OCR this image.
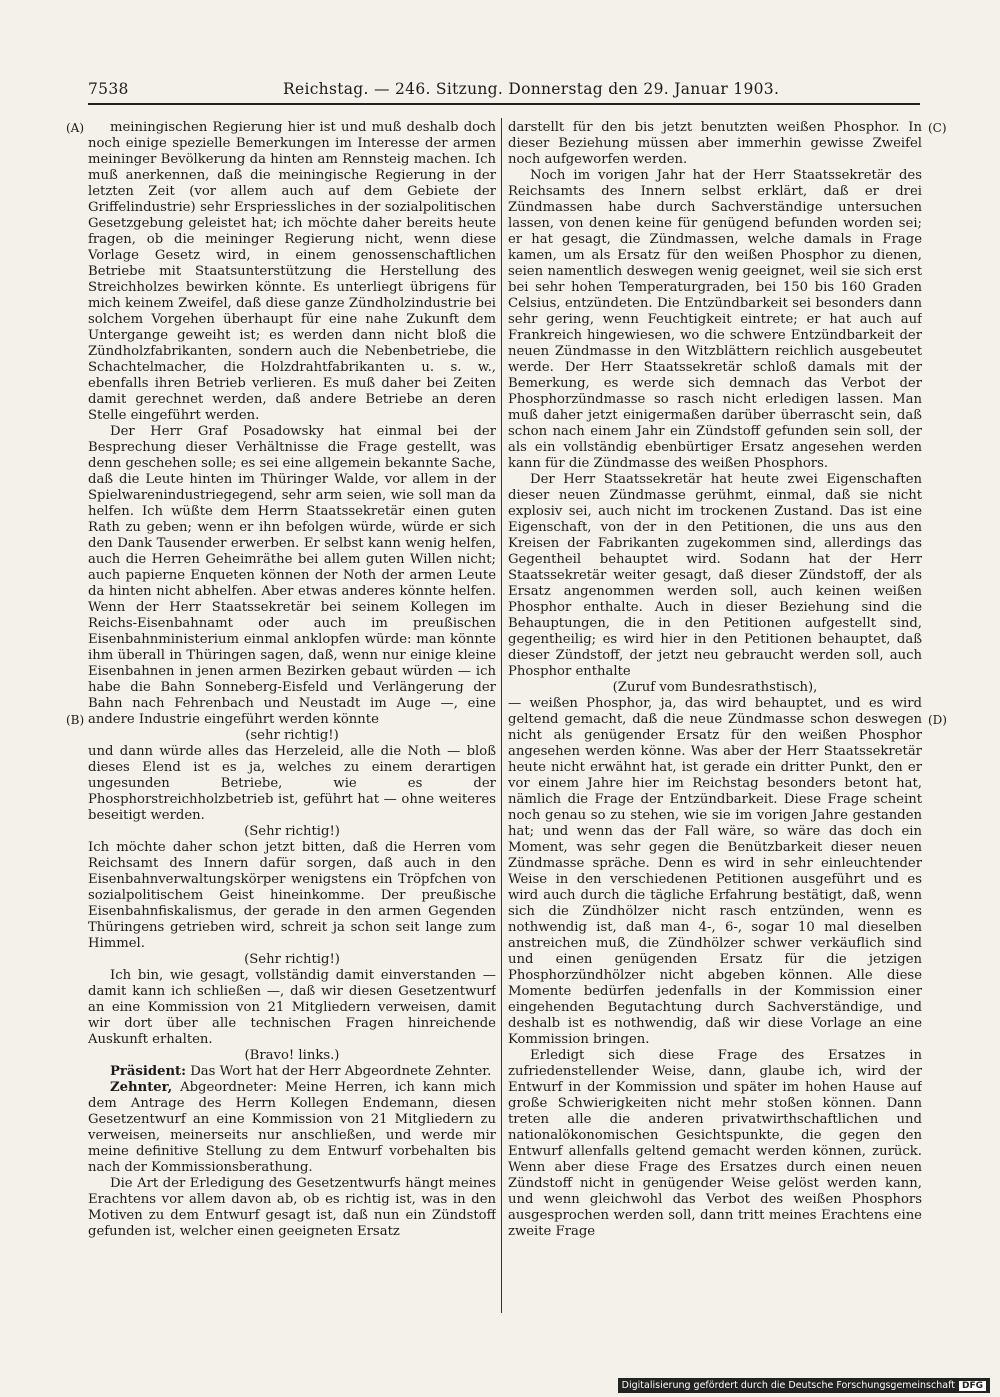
7538	Reichstag. — 246. Sitzung. Donnerstag den 29. Januar 1903.
(A)
(B)
(C)
(D)

meiningischen Regierung hier ist und muß deshalb doch noch einige spezielle Bemerkungen im Interesse der armen meininger Bevölkerung da hinten am Rennsteig machen. Ich muß anerkennen, daß die meiningische Regierung in der letzten Zeit (vor allem auch auf dem Gebiete der Griffelindustrie) sehr Erspriessliches in der sozialpolitischen Gesetzgebung geleistet hat; ich möchte daher bereits heute fragen, ob die meininger Regierung nicht, wenn diese Vorlage Gesetz wird, in einem genossenschaftlichen Betriebe mit Staatsunterstützung die Herstellung des Streichholzes bewirken könnte. Es unterliegt übrigens für mich keinem Zweifel, daß diese ganze Zündholzindustrie bei solchem Vorgehen überhaupt für eine nahe Zukunft dem Untergange geweiht ist; es werden dann nicht bloß die Zündholzfabrikanten, sondern auch die Nebenbetriebe, die Schachtelmacher, die Holzdrahtfabrikanten u. s. w., ebenfalls ihren Betrieb verlieren. Es muß daher bei Zeiten damit gerechnet werden, daß andere Betriebe an deren Stelle eingeführt werden.

Der Herr Graf Posadowsky hat einmal bei der Besprechung dieser Verhältnisse die Frage gestellt, was denn geschehen solle; es sei eine allgemein bekannte Sache, daß die Leute hinten im Thüringer Walde, vor allem in der Spielwarenindustriegegend, sehr arm seien, wie soll man da helfen. Ich wüßte dem Herrn Staatssekretär einen guten Rath zu geben; wenn er ihn befolgen würde, würde er sich den Dank Tausender erwerben. Er selbst kann wenig helfen, auch die Herren Geheimräthe bei allem guten Willen nicht; auch papierne Enqueten können der Noth der armen Leute da hinten nicht abhelfen. Aber etwas anderes könnte helfen. Wenn der Herr Staatssekretär bei seinem Kollegen im Reichs-Eisenbahnamt oder auch im preußischen Eisenbahnministerium einmal anklopfen würde: man könnte ihm überall in Thüringen sagen, daß, wenn nur einige kleine Eisenbahnen in jenen armen Bezirken gebaut würden — ich habe die Bahn Sonneberg-Eisfeld und Verlängerung der Bahn nach Fehrenbach und Neustadt im Auge —, eine andere Industrie eingeführt werden könnte

(sehr richtig!)

und dann würde alles das Herzeleid, alle die Noth — bloß dieses Elend ist es ja, welches zu einem derartigen ungesunden Betriebe, wie es der Phosphorstreichholzbetrieb ist, geführt hat — ohne weiteres beseitigt werden.

(Sehr richtig!)

Ich möchte daher schon jetzt bitten, daß die Herren vom Reichsamt des Innern dafür sorgen, daß auch in den Eisenbahnverwaltungskörper wenigstens ein Tröpfchen von sozialpolitischem Geist hineinkomme. Der preußische Eisenbahnfiskalismus, der gerade in den armen Gegenden Thüringens getrieben wird, schreit ja schon seit lange zum Himmel.

(Sehr richtig!)

Ich bin, wie gesagt, vollständig damit einverstanden — damit kann ich schließen —, daß wir diesen Gesetzentwurf an eine Kommission von 21 Mitgliedern verweisen, damit wir dort über alle technischen Fragen hinreichende Auskunft erhalten.

(Bravo! links.)

Präsident: Das Wort hat der Herr Abgeordnete Zehnter.

Zehnter, Abgeordneter: Meine Herren, ich kann mich dem Antrage des Herrn Kollegen Endemann, diesen Gesetzentwurf an eine Kommission von 21 Mitgliedern zu verweisen, meinerseits nur anschließen, und werde mir meine definitive Stellung zu dem Entwurf vorbehalten bis nach der Kommissionsberathung.

Die Art der Erledigung des Gesetzentwurfs hängt meines Erachtens vor allem davon ab, ob es richtig ist, was in den Motiven zu dem Entwurf gesagt ist, daß nun ein Zündstoff gefunden ist, welcher einen geeigneten Ersatz

darstellt für den bis jetzt benutzten weißen Phosphor. In dieser Beziehung müssen aber immerhin gewisse Zweifel noch aufgeworfen werden.

Noch im vorigen Jahr hat der Herr Staatssekretär des Reichsamts des Innern selbst erklärt, daß er drei Zündmassen habe durch Sachverständige untersuchen lassen, von denen keine für genügend befunden worden sei; er hat gesagt, die Zündmassen, welche damals in Frage kamen, um als Ersatz für den weißen Phosphor zu dienen, seien namentlich deswegen wenig geeignet, weil sie sich erst bei sehr hohen Temperaturgraden, bei 150 bis 160 Graden Celsius, entzündeten. Die Entzündbarkeit sei besonders dann sehr gering, wenn Feuchtigkeit eintrete; er hat auch auf Frankreich hingewiesen, wo die schwere Entzündbarkeit der neuen Zündmasse in den Witzblättern reichlich ausgebeutet werde. Der Herr Staatssekretär schloß damals mit der Bemerkung, es werde sich demnach das Verbot der Phosphorzündmasse so rasch nicht erledigen lassen. Man muß daher jetzt einigermaßen darüber überrascht sein, daß schon nach einem Jahr ein Zündstoff gefunden sein soll, der als ein vollständig ebenbürtiger Ersatz angesehen werden kann für die Zündmasse des weißen Phosphors.

Der Herr Staatssekretär hat heute zwei Eigenschaften dieser neuen Zündmasse gerühmt, einmal, daß sie nicht explosiv sei, auch nicht im trockenen Zustand. Das ist eine Eigenschaft, von der in den Petitionen, die uns aus den Kreisen der Fabrikanten zugekommen sind, allerdings das Gegentheil behauptet wird. Sodann hat der Herr Staatssekretär weiter gesagt, daß dieser Zündstoff, der als Ersatz angenommen werden soll, auch keinen weißen Phosphor enthalte. Auch in dieser Beziehung sind die Behauptungen, die in den Petitionen aufgestellt sind, gegentheilig; es wird hier in den Petitionen behauptet, daß dieser Zündstoff, der jetzt neu gebraucht werden soll, auch Phosphor enthalte

(Zuruf vom Bundesrathstisch),

— weißen Phosphor, ja, das wird behauptet, und es wird geltend gemacht, daß die neue Zündmasse schon deswegen nicht als genügender Ersatz für den weißen Phosphor angesehen werden könne. Was aber der Herr Staatssekretär heute nicht erwähnt hat, ist gerade ein dritter Punkt, den er vor einem Jahre hier im Reichstag besonders betont hat, nämlich die Frage der Entzündbarkeit. Diese Frage scheint noch genau so zu stehen, wie sie im vorigen Jahre gestanden hat; und wenn das der Fall wäre, so wäre das doch ein Moment, was sehr gegen die Benützbarkeit dieser neuen Zündmasse spräche. Denn es wird in sehr einleuchtender Weise in den verschiedenen Petitionen ausgeführt und es wird auch durch die tägliche Erfahrung bestätigt, daß, wenn sich die Zündhölzer nicht rasch entzünden, wenn es nothwendig ist, daß man 4-, 6-, sogar 10 mal dieselben anstreichen muß, die Zündhölzer schwer verkäuflich sind und einen genügenden Ersatz für die jetzigen Phosphorzündhölzer nicht abgeben können. Alle diese Momente bedürfen jedenfalls in der Kommission einer eingehenden Begutachtung durch Sachverständige, und deshalb ist es nothwendig, daß wir diese Vorlage an eine Kommission bringen.

Erledigt sich diese Frage des Ersatzes in zufriedenstellender Weise, dann, glaube ich, wird der Entwurf in der Kommission und später im hohen Hause auf große Schwierigkeiten nicht mehr stoßen können. Dann treten alle die anderen privatwirthschaftlichen und nationalökonomischen Gesichtspunkte, die gegen den Entwurf allenfalls geltend gemacht werden können, zurück. Wenn aber diese Frage des Ersatzes durch einen neuen Zündstoff nicht in genügender Weise gelöst werden kann, und wenn gleichwohl das Verbot des weißen Phosphors ausgesprochen werden soll, dann tritt meines Erachtens eine zweite Frage

Digitalisierung gefördert durch die Deutsche Forschungsgemeinschaft DFG
